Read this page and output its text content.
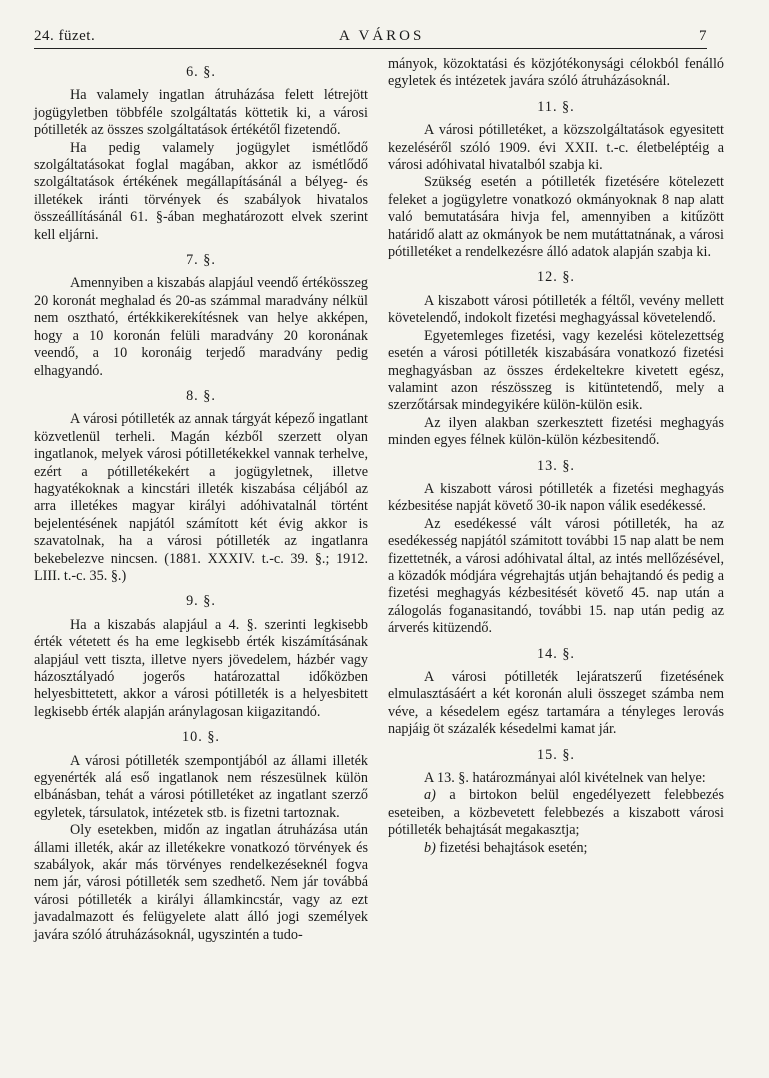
24. füzet.	A VÁROS	7
6. §.

Ha valamely ingatlan átruházása felett létrejött jogügyletben többféle szolgáltatás köttetik ki, a városi pótilleték az összes szolgáltatások értékétől fizetendő.

Ha pedig valamely jogügylet ismétlődő szolgáltatásokat foglal magában, akkor az ismétlődő szolgáltatások értékének megállapításánál a bélyeg- és illetékek iránti törvények és szabályok hivatalos összeállításánál 61. §-ában meghatározott elvek szerint kell eljárni.

7. §.

Amennyiben a kiszabás alapjául veendő értékösszeg 20 koronát meghalad és 20-as számmal maradvány nélkül nem osztható, értékkikerekítésnek van helye akképen, hogy a 10 koronán felüli maradvány 20 koronának veendő, a 10 koronáig terjedő maradvány pedig elhagyandó.

8. §.

A városi pótilleték az annak tárgyát képező ingatlant közvetlenül terheli. Magán kézből szerzett olyan ingatlanok, melyek városi pótilletékekkel vannak terhelve, ezért a pótilletékekért a jogügyletnek, illetve hagyatékoknak a kincstári illeték kiszabása céljából az arra illetékes magyar királyi adóhivatalnál történt bejelentésének napjától számított két évig akkor is szavatolnak, ha a városi pótilleték az ingatlanra bekebelezve nincsen. (1881. XXXIV. t.-c. 39. §.; 1912. LIII. t.-c. 35. §.)

9. §.

Ha a kiszabás alapjául a 4. §. szerinti legkisebb érték vétetett és ha eme legkisebb érték kiszámításának alapjául vett tiszta, illetve nyers jövedelem, házbér vagy házosztályadó jogerős határozattal időközben helyesbittetett, akkor a városi pótilleték is a helyesbitett legkisebb érték alapján aránylagosan kiigazitandó.

10. §.

A városi pótilleték szempontjából az állami illeték egyenérték alá eső ingatlanok nem részesülnek külön elbánásban, tehát a városi pótilletéket az ingatlant szerző egyletek, társulatok, intézetek stb. is fizetni tartoznak.

Oly esetekben, midőn az ingatlan átruházása után állami illeték, akár az illetékekre vonatkozó törvények és szabályok, akár más törvényes rendelkezéseknél fogva nem jár, városi pótilleték sem szedhető. Nem jár továbbá városi pótilleték a királyi államkincstár, vagy az ezt javadalmazott és felügyelete alatt álló jogi személyek javára szóló átruházásoknál, ugyszintén a tudo-

mányok, közoktatási és közjótékonysági célokból fenálló egyletek és intézetek javára szóló átruházásoknál.

11. §.

A városi pótilletéket, a közszolgáltatások egyesitett kezeléséről szóló 1909. évi XXII. t.-c. életbeléptéig a városi adóhivatal hivatalból szabja ki.

Szükség esetén a pótilleték fizetésére kötelezett feleket a jogügyletre vonatkozó okmányoknak 8 nap alatt való bemutatására hivja fel, amennyiben a kitűzött határidő alatt az okmányok be nem mutáttatnának, a városi pótilletéket a rendelkezésre álló adatok alapján szabja ki.

12. §.

A kiszabott városi pótilleték a féltől, vevény mellett követelendő, indokolt fizetési meghagyással követelendő.

Egyetemleges fizetési, vagy kezelési kötelezettség esetén a városi pótilleték kiszabására vonatkozó fizetési meghagyásban az összes érdekeltekre kivetett egész, valamint azon részösszeg is kitüntetendő, mely a szerzőtársak mindegyikére külön-külön esik.

Az ilyen alakban szerkesztett fizetési meghagyás minden egyes félnek külön-külön kézbesitendő.

13. §.

A kiszabott városi pótilleték a fizetési meghagyás kézbesitése napját követő 30-ik napon válik esedékessé.

Az esedékessé vált városi pótilleték, ha az esedékesség napjától számitott további 15 nap alatt be nem fizettetnék, a városi adóhivatal által, az intés mellőzésével, a közadók módjára végrehajtás utján behajtandó és pedig a fizetési meghagyás kézbesitését követő 45. nap után a zálogolás foganasitandó, további 15. nap után pedig az árverés kitüzendő.

14. §.

A városi pótilleték lejáratszerű fizetésének elmulasztásáért a két koronán aluli összeget számba nem véve, a késedelem egész tartamára a tényleges lerovás napjáig öt százalék késedelmi kamat jár.

15. §.

A 13. §. határozmányai alól kivételnek van helye:

a) a birtokon belül engedélyezett felebbezés eseteiben, a közbevetett felebbezés a kiszabott városi pótilleték behajtását megakasztja;

b) fizetési behajtások esetén;
